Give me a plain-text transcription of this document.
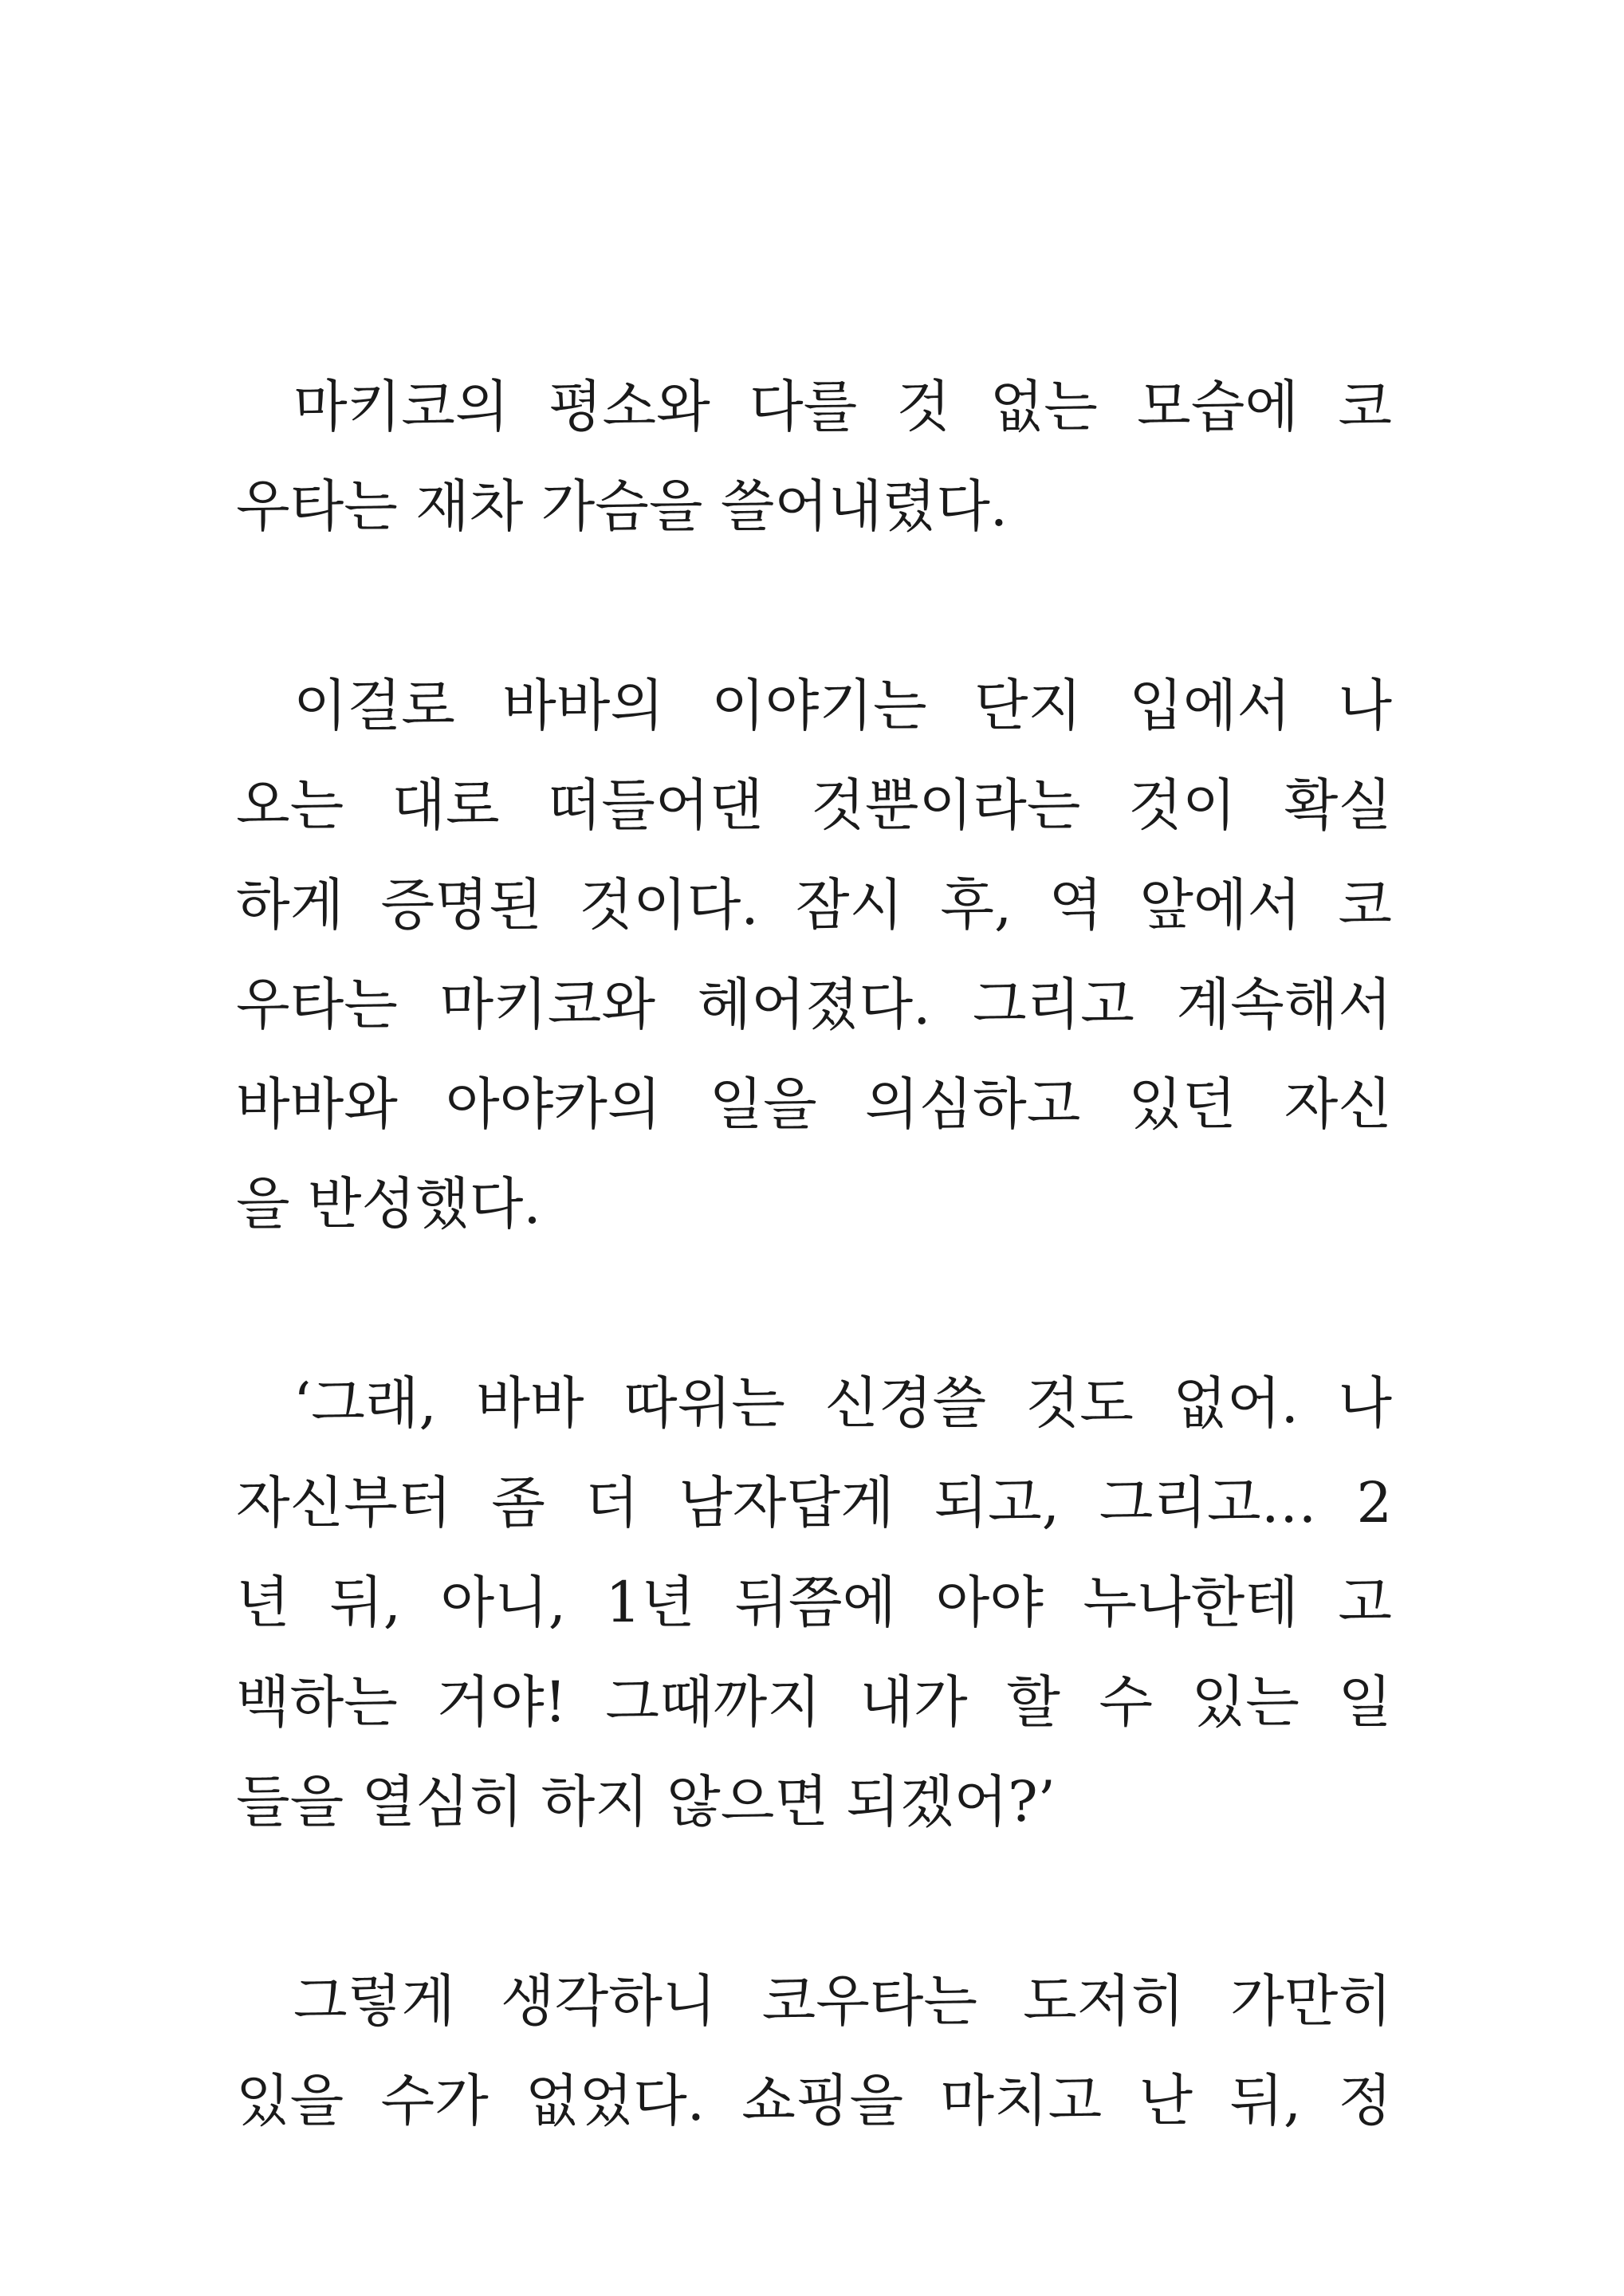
마키코의 평소와 다를 것 없는 모습에 코
우타는 재차 가슴을 쓸어내렸다.
이걸로 바바의 이야기는 단지 입에서 나
오는 대로 떠들어댄 것뿐이라는 것이 확실
하게 증명된 것이다. 잠시 후, 역 앞에서 코
우타는 마키코와 헤어졌다. 그리고 계속해서
바바와 아야카의 일을 의심하고 있던 자신
을 반성했다.
‘그래, 바바 따위는 신경쓸 것도 없어. 나
자신부터 좀 더 남자답게 되고, 그리고… 2
년 뒤, 아니, 1년 뒤쯤에 아야 누나한테 고
백하는 거야! 그때까지 내가 할 수 있는 일
들을 열심히 하지 않으면 되겠어?’
그렇게 생각하니 코우타는 도저히 가만히
있을 수가 없었다. 쇼핑을 마치고 난 뒤, 정
